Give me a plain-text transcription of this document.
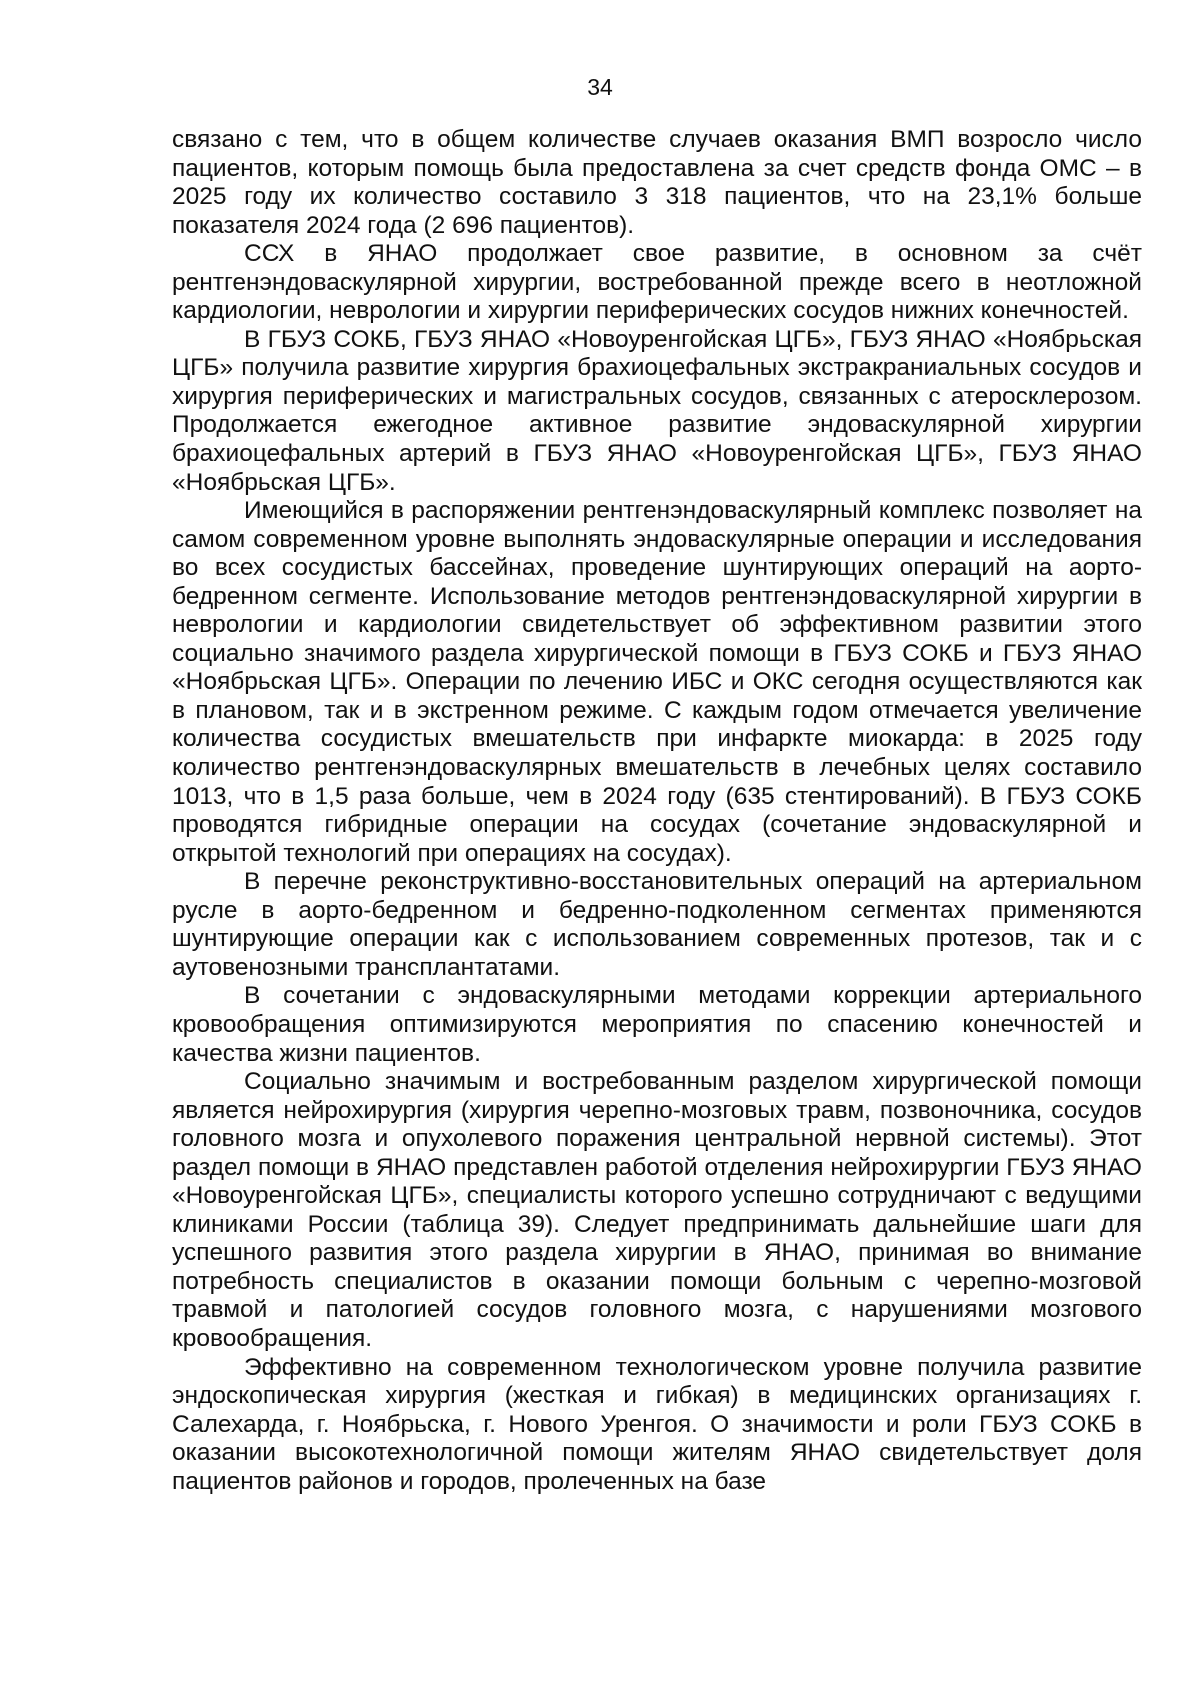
34

связано с тем, что в общем количестве случаев оказания ВМП возросло число пациентов, которым помощь была предоставлена за счет средств фонда ОМС – в 2025 году их количество составило 3 318 пациентов, что на 23,1% больше показателя 2024 года (2 696 пациентов).

ССХ в ЯНАО продолжает свое развитие, в основном за счёт рентгенэндоваскулярной хирургии, востребованной прежде всего в неотложной кардиологии, неврологии и хирургии периферических сосудов нижних конечностей.

В ГБУЗ СОКБ, ГБУЗ ЯНАО «Новоуренгойская ЦГБ», ГБУЗ ЯНАО «Ноябрьская ЦГБ» получила развитие хирургия брахиоцефальных экстракраниальных сосудов и хирургия периферических и магистральных сосудов, связанных с атеросклерозом. Продолжается ежегодное активное развитие эндоваскулярной хирургии брахиоцефальных артерий в ГБУЗ ЯНАО «Новоуренгойская ЦГБ», ГБУЗ ЯНАО «Ноябрьская ЦГБ».

Имеющийся в распоряжении рентгенэндоваскулярный комплекс позволяет на самом современном уровне выполнять эндоваскулярные операции и исследования во всех сосудистых бассейнах, проведение шунтирующих операций на аорто-бедренном сегменте. Использование методов рентгенэндоваскулярной хирургии в неврологии и кардиологии свидетельствует об эффективном развитии этого социально значимого раздела хирургической помощи в ГБУЗ СОКБ и ГБУЗ ЯНАО «Ноябрьская ЦГБ». Операции по лечению ИБС и ОКС сегодня осуществляются как в плановом, так и в экстренном режиме. С каждым годом отмечается увеличение количества сосудистых вмешательств при инфаркте миокарда: в 2025 году количество рентгенэндоваскулярных вмешательств в лечебных целях составило 1013, что в 1,5 раза больше, чем в 2024 году (635 стентирований). В ГБУЗ СОКБ проводятся гибридные операции на сосудах (сочетание эндоваскулярной и открытой технологий при операциях на сосудах).

В перечне реконструктивно-восстановительных операций на артериальном русле в аорто-бедренном и бедренно-подколенном сегментах применяются шунтирующие операции как с использованием современных протезов, так и с аутовенозными трансплантатами.

В сочетании с эндоваскулярными методами коррекции артериального кровообращения оптимизируются мероприятия по спасению конечностей и качества жизни пациентов.

Социально значимым и востребованным разделом хирургической помощи является нейрохирургия (хирургия черепно-мозговых травм, позвоночника, сосудов головного мозга и опухолевого поражения центральной нервной системы). Этот раздел помощи в ЯНАО представлен работой отделения нейрохирургии ГБУЗ ЯНАО «Новоуренгойская ЦГБ», специалисты которого успешно сотрудничают с ведущими клиниками России (таблица 39). Следует предпринимать дальнейшие шаги для успешного развития этого раздела хирургии в ЯНАО, принимая во внимание потребность специалистов в оказании помощи больным с черепно-мозговой травмой и патологией сосудов головного мозга, с нарушениями мозгового кровообращения.

Эффективно на современном технологическом уровне получила развитие эндоскопическая хирургия (жесткая и гибкая) в медицинских организациях г. Салехарда, г. Ноябрьска, г. Нового Уренгоя. О значимости и роли ГБУЗ СОКБ в оказании высокотехнологичной помощи жителям ЯНАО свидетельствует доля пациентов районов и городов, пролеченных на базе
